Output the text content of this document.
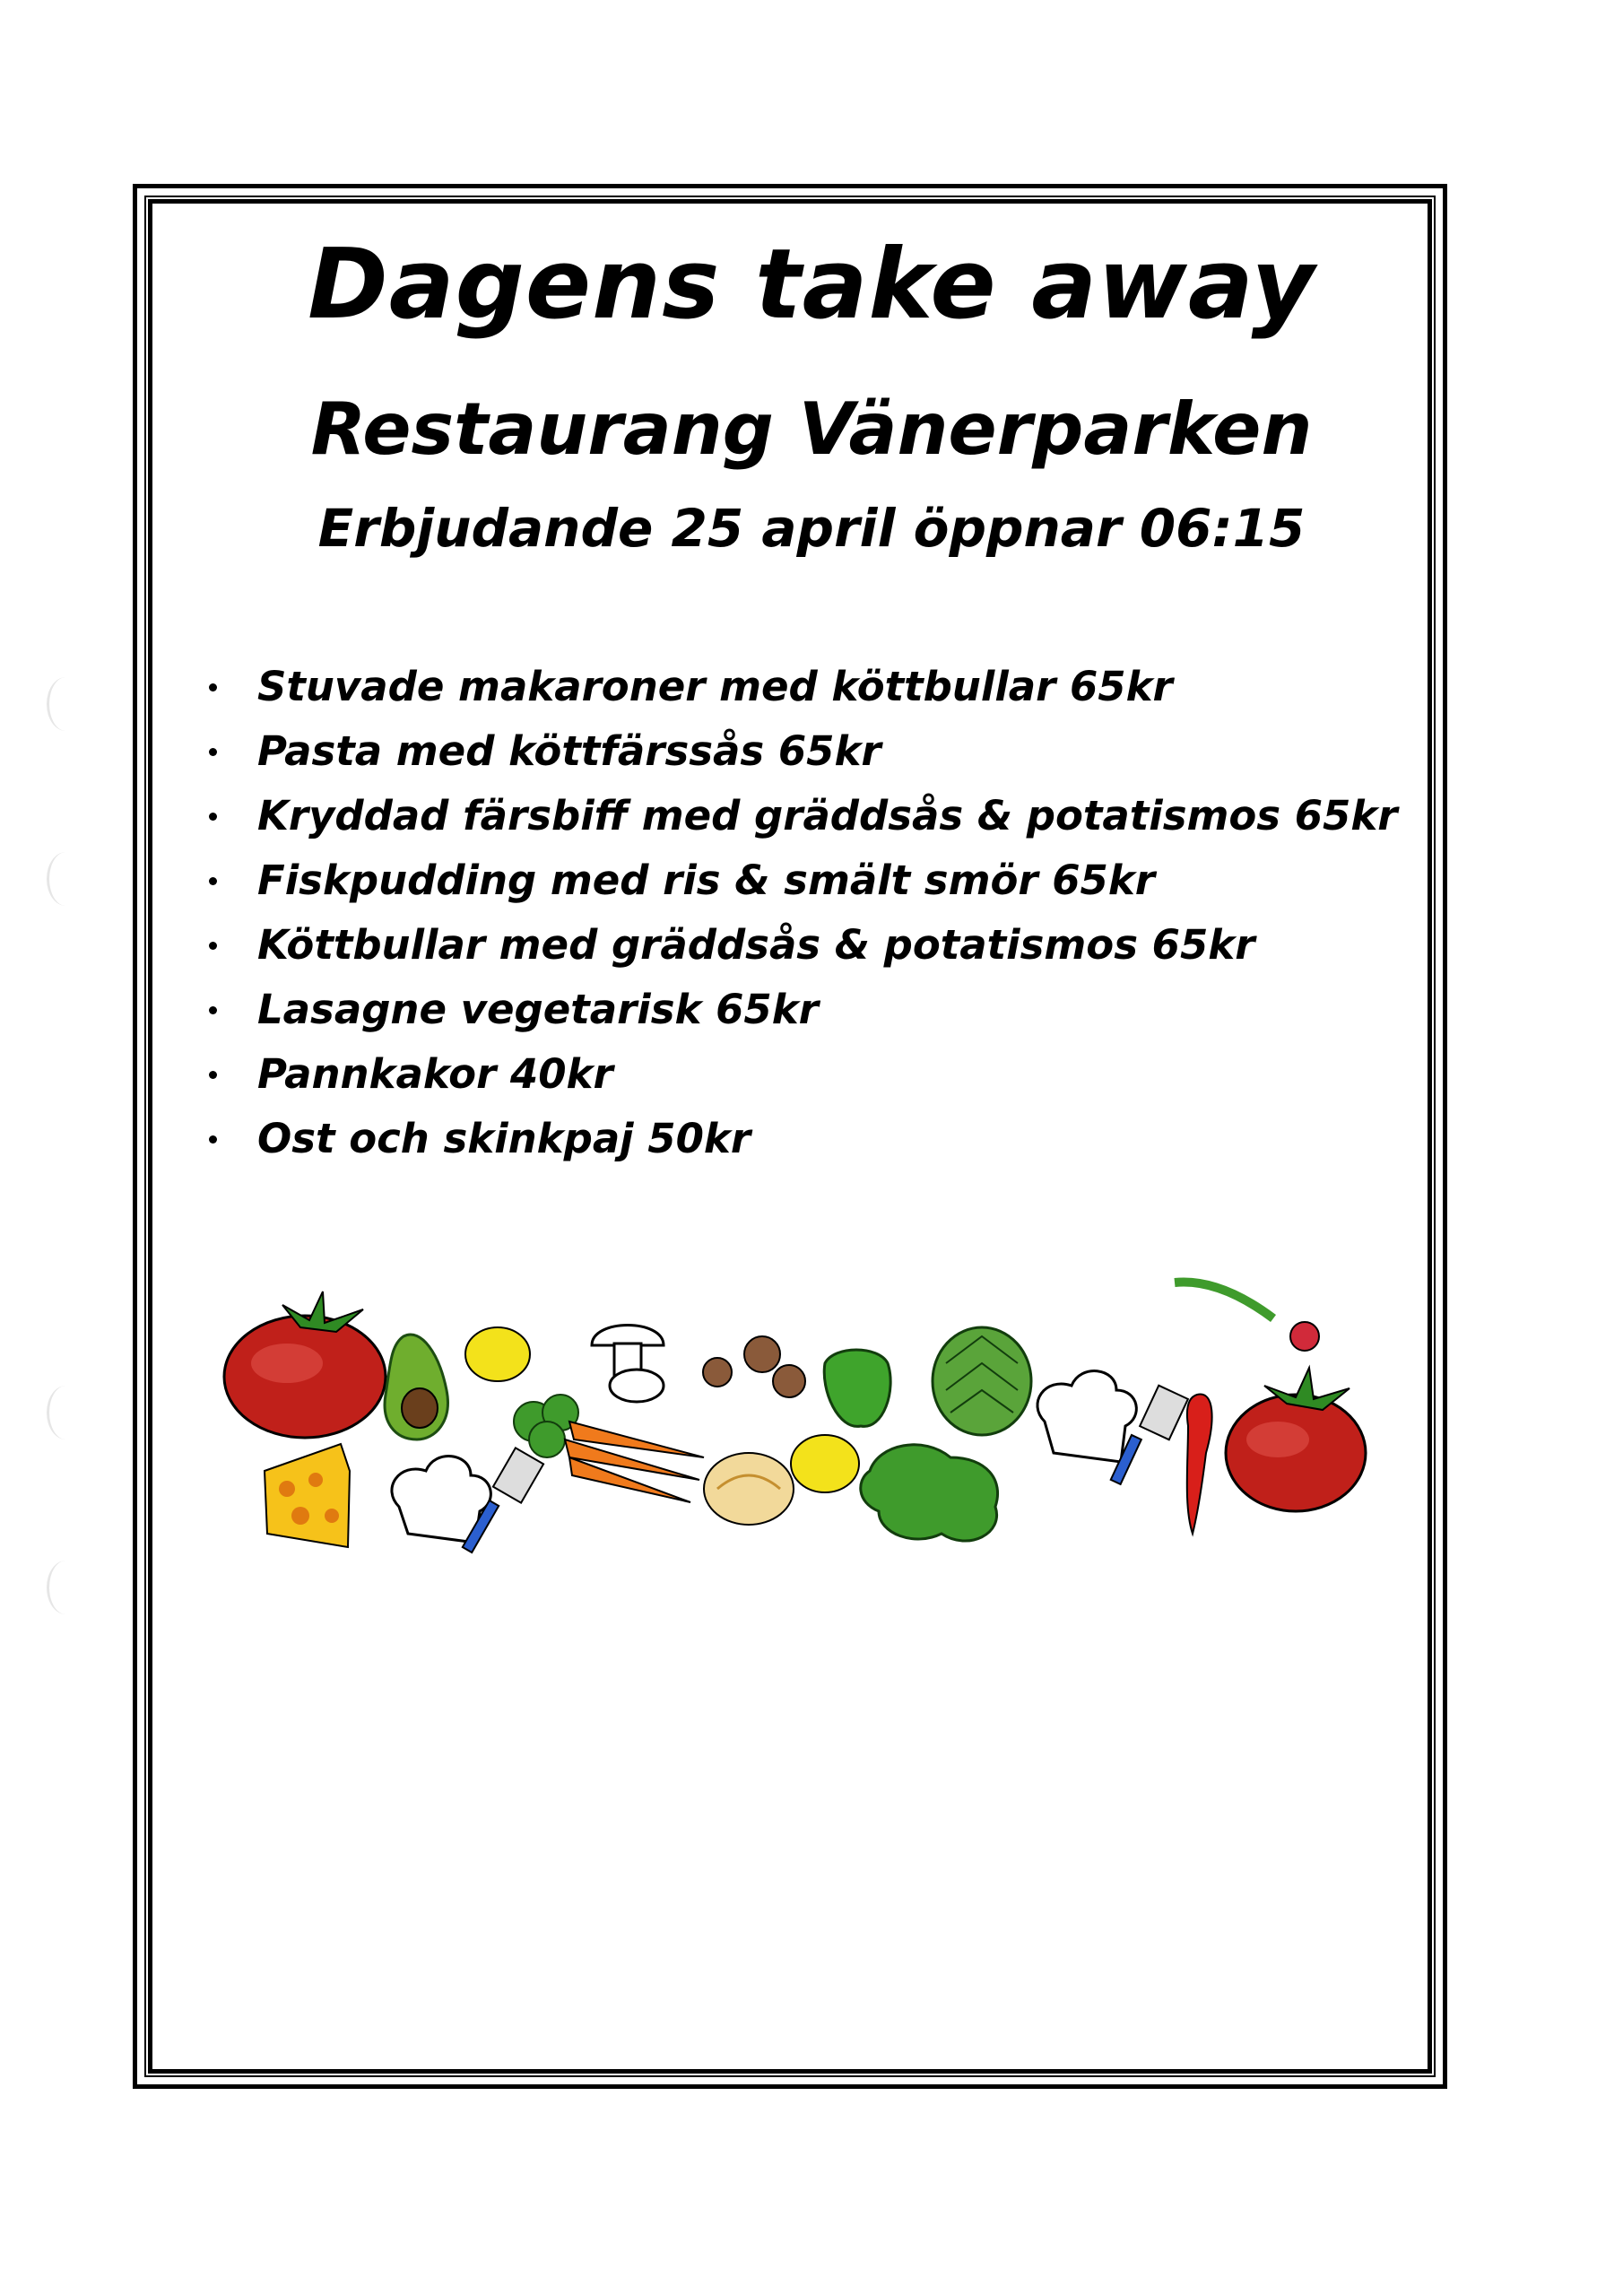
Dagens take away
Restaurang Vänerparken
Erbjudande 25 april öppnar 06:15
Stuvade makaroner med köttbullar 65kr
Pasta med köttfärssås 65kr
Kryddad färsbiff med gräddsås & potatismos 65kr
Fiskpudding med ris & smält smör 65kr
Köttbullar med gräddsås & potatismos 65kr
Lasagne vegetarisk 65kr
Pannkakor 40kr
Ost och skinkpaj 50kr
